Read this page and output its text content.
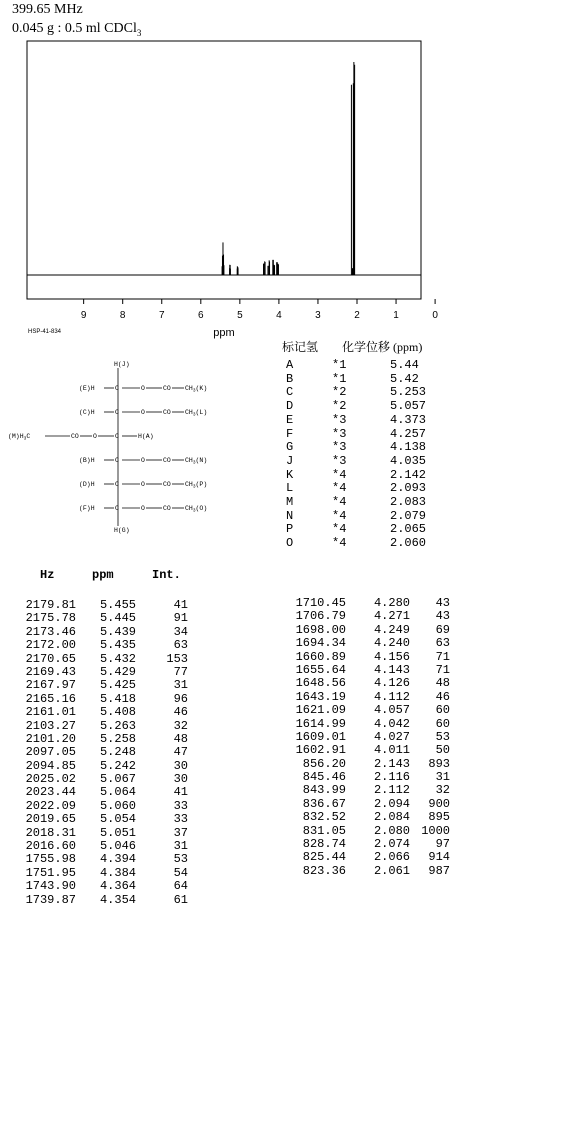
399.65 MHz
0.045 g : 0.5 ml CDCl$_3$
9	8	7	6	5	4	3	2	1	0
ppm
HSP-41-834
H(J)
H(G)
(E)H	C	O	CO $CH_3(K)$
(C)H	C	O	CO $CH_3(L)$
$(M)H_3C$	CO O	C	H(A)
(B)H	C	O	CO $CH_3(N)$
(D)H	C	O	CO $CH_3(P)$
(F)H	C	O	CO $CH_3(O)$
标记氢 化学位移 (ppm)
A	*1	5.44
B	*1	5.42
C	*2	5.253
D	*2	5.057
E	*3	4.373
F	*3	4.257
G	*3	4.138
J	*3	4.035
K	*4	2.142
L	*4	2.093
M	*4	2.083
N	*4	2.079
P	*4	2.065
O	*4	2.060
Hz	ppm	Int.
2179.81 5.455	41
2175.78 5.445	91
2173.46 5.439	34
2172.00 5.435	63
2170.65 5.432	153
2169.43 5.429	77
2167.97 5.425	31
2165.16 5.418	96
2161.01 5.408	46
2103.27 5.263	32
2101.20 5.258	48
2097.05 5.248	47
2094.85 5.242	30
2025.02 5.067	30
2023.44 5.064	41
2022.09 5.060	33
2019.65 5.054	33
2018.31 5.051	37
2016.60 5.046	31
1755.98 4.394	53
1751.95 4.384	54
1743.90 4.364	64
1739.87 4.354	61
1710.45 4.280 43
1706.79 4.271 43
1698.00 4.249 69
1694.34 4.240 63
1660.89 4.156 71
1655.64 4.143 71
1648.56 4.126 48
1643.19 4.112 46
1621.09 4.057 60
1614.99 4.042 60
1609.01 4.027 53
1602.91 4.011 50
856.20 2.143 893
845.46 2.116 31
843.99 2.112 32
836.67 2.094 900
832.52 2.084 895
831.05 2.080 1000
828.74 2.074 97
825.44 2.066 914
823.36 2.061 987
